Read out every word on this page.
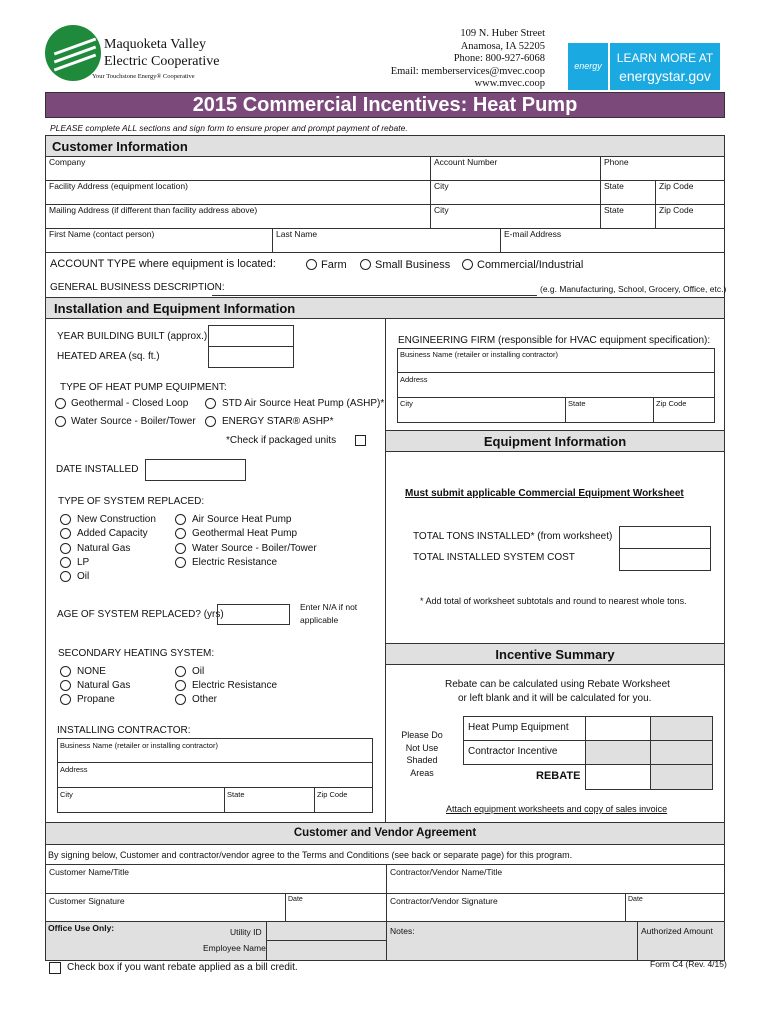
Maquoketa Valley
Electric Cooperative
Your Touchstone Energy® Cooperative
109 N. Huber Street
Anamosa, IA 52205
Phone: 800-927-6068
Email: memberservices@mvec.coop
www.mvec.coop
energy
LEARN MORE AT
energystar.gov
2015 Commercial Incentives: Heat Pump
PLEASE complete ALL sections and sign form to ensure proper and prompt payment of rebate.
Customer Information
Company	Account Number	Phone
Facility Address (equipment location)	City	State	Zip Code
Mailing Address (if different than facility address above)	City	State	Zip Code
First Name (contact person)	Last Name	E-mail Address
ACCOUNT TYPE where equipment is located:	Farm	Small Business Commercial/Industrial
GENERAL BUSINESS DESCRIPTION:	(e.g. Manufacturing, School, Grocery, Office, etc.)
Installation and Equipment Information
YEAR BUILDING BUILT (approx.)
HEATED AREA (sq. ft.)
TYPE OF HEAT PUMP EQUIPMENT:
Geothermal - Closed Loop	STD Air Source Heat Pump (ASHP)*
Water Source - Boiler/Tower	ENERGY STAR® ASHP*
*Check if packaged units
ENGINEERING FIRM (responsible for HVAC equipment specification):
Business Name (retailer or installing contractor)
Address
City	State	Zip Code
Equipment Information
DATE INSTALLED
TYPE OF SYSTEM REPLACED:
New Construction
Added Capacity
Natural Gas
LP
Oil
Air Source Heat Pump
Geothermal Heat Pump
Water Source - Boiler/Tower
Electric Resistance
AGE OF SYSTEM REPLACED? (yrs)
Enter N/A if not
applicable
SECONDARY HEATING SYSTEM:
NONE
Natural Gas
Propane
Oil
Electric Resistance
Other
INSTALLING CONTRACTOR:
Business Name (retailer or installing contractor)
Address
City	State	Zip Code
Must submit applicable Commercial Equipment Worksheet
TOTAL TONS INSTALLED* (from worksheet)
TOTAL INSTALLED SYSTEM COST
* Add total of worksheet subtotals and round to nearest whole tons.
Incentive Summary
Rebate can be calculated using Rebate Worksheet
or left blank and it will be calculated for you.
Please Do
Not Use
Shaded
Areas
Heat Pump Equipment
Contractor Incentive
REBATE
Attach equipment worksheets and copy of sales invoice
Customer and Vendor Agreement
By signing below, Customer and contractor/vendor agree to the Terms and Conditions (see back or separate page) for this program.
Customer Name/Title	Contractor/Vendor Name/Title
Customer Signature	Date	Contractor/Vendor Signature	Date
Office Use Only:	Utility ID
Employee Name
Notes:	Authorized Amount
Check box if you want rebate applied as a bill credit.	Form C4 (Rev. 4/15)
